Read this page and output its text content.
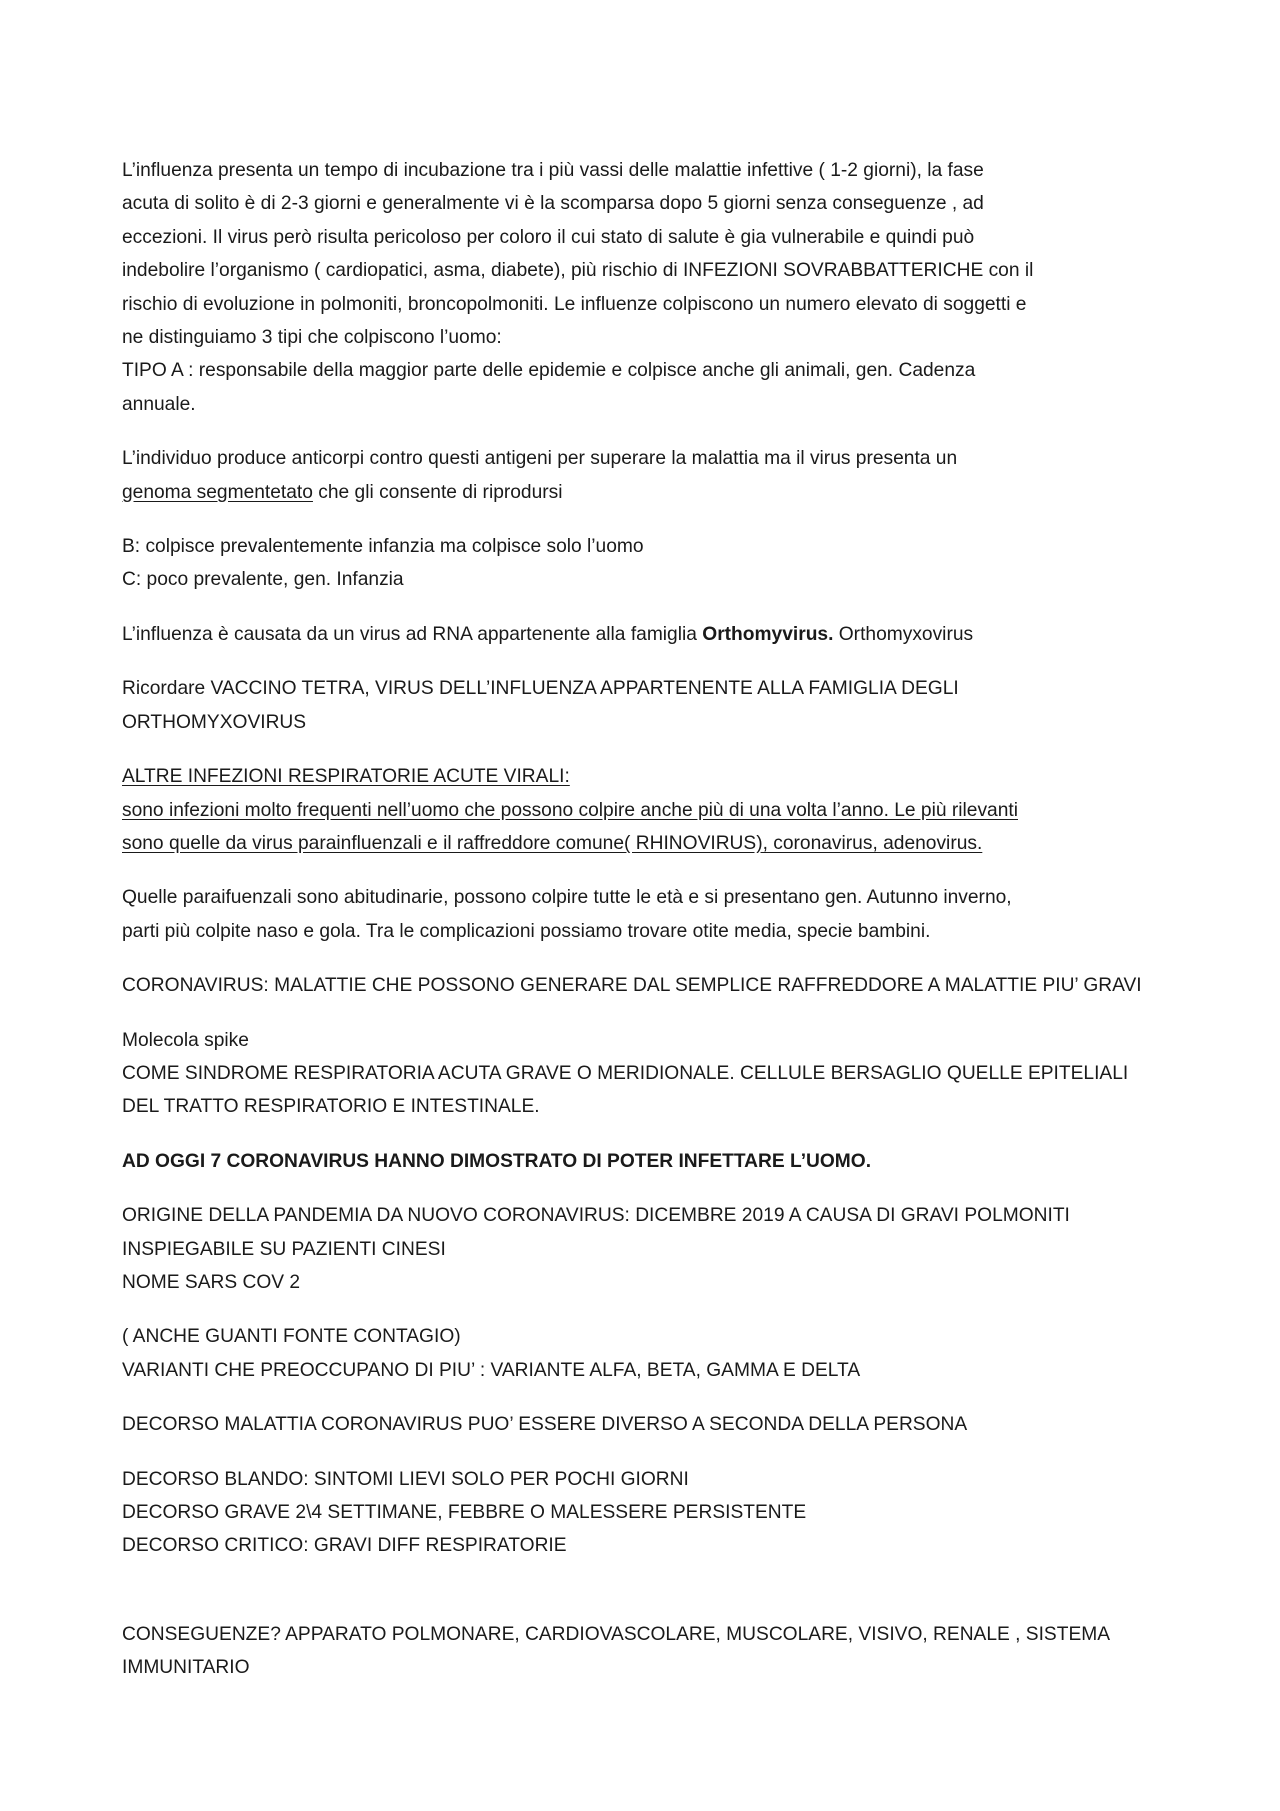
L’influenza presenta un tempo di incubazione tra i più vassi delle malattie infettive ( 1-2 giorni), la fase
acuta di solito è di 2-3 giorni e generalmente vi è la scomparsa dopo 5 giorni senza conseguenze , ad
eccezioni. Il virus però risulta pericoloso per coloro il cui stato di salute è gia vulnerabile e quindi può
indebolire l’organismo ( cardiopatici, asma, diabete), più rischio di INFEZIONI SOVRABBATTERICHE con il
rischio di evoluzione in polmoniti, broncopolmoniti. Le influenze colpiscono un numero elevato di soggetti e
ne distinguiamo 3 tipi che colpiscono l’uomo:
TIPO A : responsabile della maggior parte delle epidemie e colpisce anche gli animali, gen. Cadenza
annuale.
L’individuo produce anticorpi contro questi antigeni per superare la malattia ma il virus presenta un
genoma segmentetato che gli consente di riprodursi
B: colpisce prevalentemente infanzia ma colpisce solo l’uomo
C: poco prevalente, gen. Infanzia
L’influenza è causata da un virus ad RNA appartenente alla famiglia Orthomyvirus. Orthomyxovirus
Ricordare VACCINO TETRA, VIRUS DELL’INFLUENZA APPARTENENTE ALLA FAMIGLIA DEGLI
ORTHOMYXOVIRUS
ALTRE INFEZIONI RESPIRATORIE ACUTE VIRALI:
sono infezioni molto frequenti nell’uomo che possono colpire anche più di una volta l’anno. Le più rilevanti
sono quelle da virus parainfluenzali e il raffreddore comune( RHINOVIRUS), coronavirus, adenovirus.
Quelle paraifuenzali sono abitudinarie, possono colpire tutte le età e si presentano gen. Autunno inverno,
parti più colpite naso e gola. Tra le complicazioni possiamo trovare otite media, specie bambini.
CORONAVIRUS: MALATTIE CHE POSSONO GENERARE DAL SEMPLICE RAFFREDDORE A MALATTIE PIU’ GRAVI
Molecola spike
COME SINDROME RESPIRATORIA ACUTA GRAVE O MERIDIONALE. CELLULE BERSAGLIO QUELLE EPITELIALI
DEL TRATTO RESPIRATORIO E INTESTINALE.
AD OGGI 7 CORONAVIRUS HANNO DIMOSTRATO DI POTER INFETTARE L’UOMO.
ORIGINE DELLA PANDEMIA DA NUOVO CORONAVIRUS: DICEMBRE 2019 A CAUSA DI GRAVI POLMONITI
INSPIEGABILE SU PAZIENTI CINESI
NOME SARS COV 2
( ANCHE GUANTI FONTE CONTAGIO)
VARIANTI CHE PREOCCUPANO DI PIU’ : VARIANTE ALFA, BETA, GAMMA E DELTA
DECORSO MALATTIA CORONAVIRUS PUO’ ESSERE DIVERSO A SECONDA DELLA PERSONA
DECORSO BLANDO: SINTOMI LIEVI SOLO PER POCHI GIORNI
DECORSO GRAVE 2\4 SETTIMANE, FEBBRE O MALESSERE PERSISTENTE
DECORSO CRITICO: GRAVI DIFF RESPIRATORIE
CONSEGUENZE? APPARATO POLMONARE, CARDIOVASCOLARE, MUSCOLARE, VISIVO, RENALE , SISTEMA
IMMUNITARIO
